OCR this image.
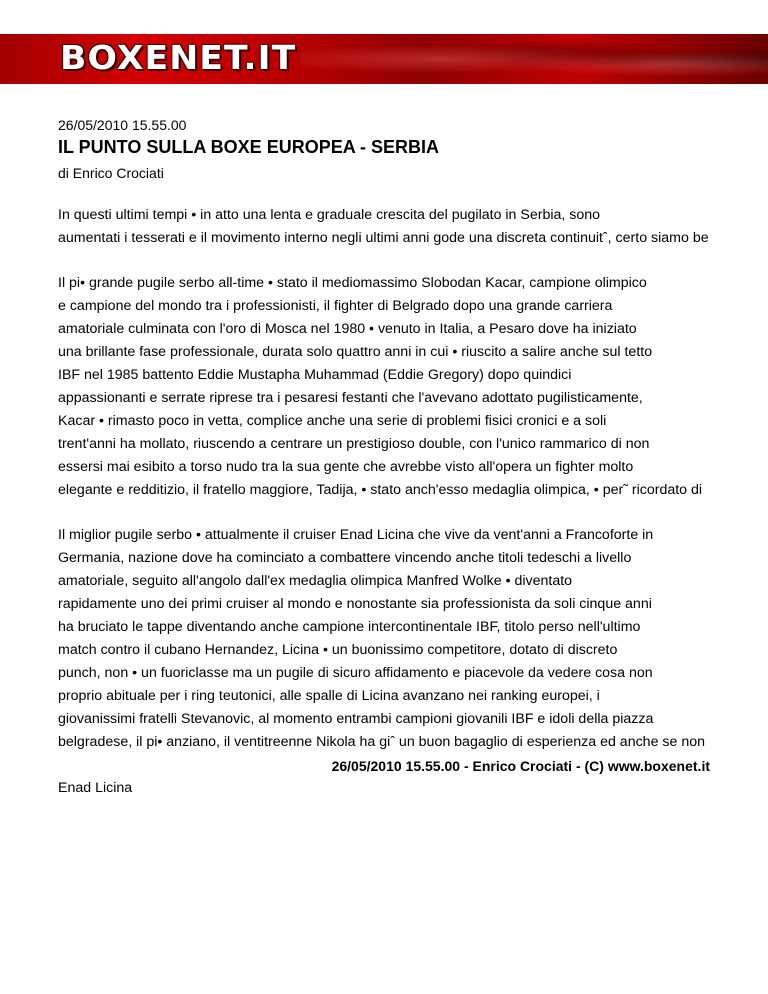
BOXENET.IT
26/05/2010 15.55.00
IL PUNTO SULLA BOXE EUROPEA - SERBIA
di Enrico Crociati

In questi ultimi tempi • in atto una lenta e graduale crescita del pugilato in Serbia, sono
aumentati i tesserati e il movimento interno negli ultimi anni gode una discreta continuitˆ, certo siamo be

Il pi• grande pugile serbo all-time • stato il mediomassimo Slobodan Kacar, campione olimpico
e campione del mondo tra i professionisti, il fighter di Belgrado dopo una grande carriera
amatoriale culminata con l'oro di Mosca nel 1980 • venuto in Italia, a Pesaro dove ha iniziato
una brillante fase professionale, durata solo quattro anni in cui • riuscito a salire anche sul tetto
IBF nel 1985 battento Eddie Mustapha Muhammad (Eddie Gregory) dopo quindici
appassionanti e serrate riprese tra i pesaresi festanti che l'avevano adottato pugilisticamente,
Kacar • rimasto poco in vetta, complice anche una serie di problemi fisici cronici e a soli
trent'anni ha mollato, riuscendo a centrare un prestigioso double, con l'unico rammarico di non
essersi mai esibito a torso nudo tra la sua gente che avrebbe visto all'opera un fighter molto
elegante e redditizio, il fratello maggiore, Tadija, • stato anch'esso medaglia olimpica, • per˜ ricordato di

Il miglior pugile serbo • attualmente il cruiser Enad Licina che vive da vent'anni a Francoforte in
Germania, nazione dove ha cominciato a combattere vincendo anche titoli tedeschi a livello
amatoriale, seguito all'angolo dall'ex medaglia olimpica Manfred Wolke • diventato
rapidamente uno dei primi cruiser al mondo e nonostante sia professionista da soli cinque anni
ha bruciato le tappe diventando anche campione intercontinentale IBF, titolo perso nell'ultimo
match contro il cubano Hernandez, Licina • un buonissimo competitore, dotato di discreto
punch, non • un fuoriclasse ma un pugile di sicuro affidamento e piacevole da vedere cosa non
proprio abituale per i ring teutonici, alle spalle di Licina avanzano nei ranking europei, i
giovanissimi fratelli Stevanovic, al momento entrambi campioni giovanili IBF e idoli della piazza
belgradese, il pi• anziano, il ventitreenne Nikola ha giˆ un buon bagaglio di esperienza ed anche se non

Enad Licina
26/05/2010 15.55.00 - Enrico Crociati - (C) www.boxenet.it
